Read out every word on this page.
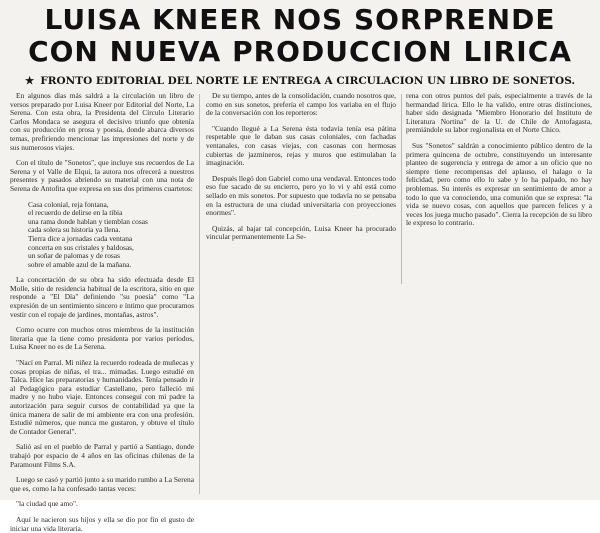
LUISA KNEER NOS SORPRENDE
CON NUEVA PRODUCCION LIRICA
★ FRONTO EDITORIAL DEL NORTE LE ENTREGA A CIRCULACION UN LIBRO DE SONETOS.

En algunos días más saldrá a la circulación un libro de versos preparado por Luisa Kneer por Editorial del Norte, La Serena. Con esta obra, la Presidenta del Círculo Literario Carlos Mondaca se asegura el decisivo triunfo que obtenía con su producción en prosa y poesía, donde abarca diversos temas, prefiriendo mencionar las impresiones del norte y de sus numerosos viajes.

Con el título de "Sonetos", que incluye sus recuerdos de La Serena y el Valle de Elqui, la autora nos ofrecerá a nuestros presentes y pasados abriendo su material con una nota de Serena de Antofita que expresa en sus dos primeros cuartetos:

Casa colonial, reja fontana,
el recuerdo de delirse en la tibia
una rama donde hablan y tiemblan cosas
cada solera su historia ya llena.
Tierra dice a jornadas cada ventana
concerta en sus cristales y baldosas,
un soñar de palomas y de rosas
sobre el amable azul de la mañana.

La concertación de su obra ha sido efectuada desde El Molle, sitio de residencia habitual de la escritora, sitio en que responde a "El Día" definiendo "su poesía" como "La expresión de un sentimiento sincero e íntimo que procuramos vestir con el ropaje de jardines, montañas, astros".

Como ocurre con muchos otros miembros de la institución literaria que la tiene como presidenta por varios períodos, Luisa Kneer no es de La Serena.

"Nací en Parral. Mi niñez la recuerdo rodeada de muñecas y cosas propias de niñas, el tra... mimadas. Luego estudié en Talca. Hice las preparatorias y humanidades. Tenía pensado ir al Pedagógico para estudiar Castellano, pero falleció mi madre y no hubo viaje. Entonces conseguí con mi padre la autorización para seguir cursos de contabilidad ya que la única manera de salir de mi ambiente era con una profesión. Estudié números, que nunca me gustaron, y obtuve el título de Contador General".

Salió así en el pueblo de Parral y partió a Santiago, donde trabajó por espacio de 4 años en las oficinas chilenas de la Paramount Films S.A.

Luego se casó y partió junto a su marido rumbo a La Serena que es, como la ha confesado tantas veces:

"la ciudad que amo".

Aquí le nacieron sus hijos y ella se dio por fin el gusto de iniciar una vida literaria.

De su tiempo, antes de la consolidación, cuando nosotros que, como en sus sonetos, prefería el campo los variaba en el flujo de la conversación con los reporteros:

"Cuando llegué a La Serena ésta todavía tenía esa pátina respetable que le daban sus casas coloniales, con fachadas ventanales, con casas viejas, con casonas con hermosas cubiertas de jazmineros, rejas y muros que estimulaban la imaginación.

Después llegó don Gabriel como una vendaval. Entonces todo eso fue sacado de su encierro, pero yo lo vi y ahí está como sellado en mis sonetos. Por supuesto que todavía no se pensaba en la estructura de una ciudad universitaria con proyecciones enormes".

Quizás, al bajar tal concepción, Luisa Kneer ha procurado vincular permanentemente La Se-

rena con otros puntos del país, especialmente a través de la hermandad lírica. Ello le ha valido, entre otras distinciones, haber sido designada "Miembro Honorario del Instituto de Literatura Nortina" de la U. de Chile de Antofagasta, premiándole su labor regionalista en el Norte Chico.

Sus "Sonetos" saldrán a conocimiento público dentro de la primera quincena de octubre, constituyendo un interesante planteo de sugerencia y entrega de amor a un oficio que no siempre tiene recompensas del aplauso, el halago o la felicidad, pero como ello lo sabe y lo ha palpado, no hay problemas. Su interés es expresar un sentimiento de amor a todo lo que va conociendo, una comunión que se expresa: "la vida se nuevo cosas, con aquellos que parecen felices y a veces los juega mucho pasado". Cierra la recepción de su libro le expreso lo contrario.
